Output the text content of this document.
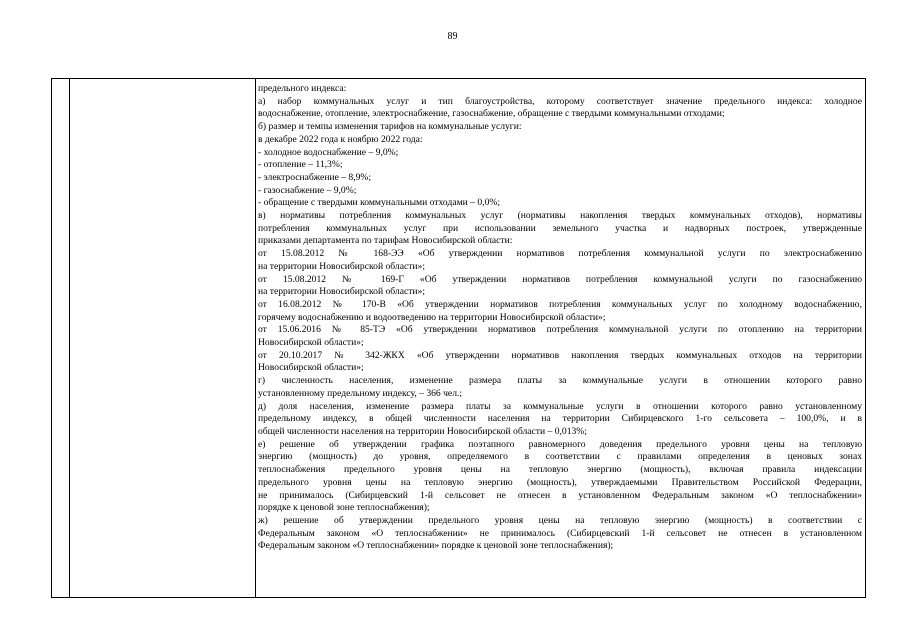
89
предельного индекса:
а) набор коммунальных услуг и тип благоустройства, которому соответствует значение предельного индекса: холодное
водоснабжение, отопление, электроснабжение, газоснабжение, обращение с твердыми коммунальными отходами;
б) размер и темпы изменения тарифов на коммунальные услуги:
в декабре 2022 года к ноябрю 2022 года:
- холодное водоснабжение – 9,0%;
- отопление – 11,3%;
- электроснабжение – 8,9%;
- газоснабжение – 9,0%;
- обращение с твердыми коммунальными отходами – 0,0%;
в) нормативы потребления коммунальных услуг (нормативы накопления твердых коммунальных отходов), нормативы
потребления коммунальных услуг при использовании земельного участка и надворных построек, утвержденные
приказами департамента по тарифам Новосибирской области:
от 15.08.2012 № 168-ЭЭ «Об утверждении нормативов потребления коммунальной услуги по электроснабжению
на территории Новосибирской области»;
от 15.08.2012 № 169-Г «Об утверждении нормативов потребления коммунальной услуги по газоснабжению
на территории Новосибирской области»;
от 16.08.2012 № 170-В «Об утверждении нормативов потребления коммунальных услуг по холодному водоснабжению,
горячему водоснабжению и водоотведению на территории Новосибирской области»;
от 15.06.2016 № 85-ТЭ «Об утверждении нормативов потребления коммунальной услуги по отоплению на территории
Новосибирской области»;
от 20.10.2017 № 342-ЖКХ «Об утверждении нормативов накопления твердых коммунальных отходов на территории
Новосибирской области»;
г) численность населения, изменение размера платы за коммунальные услуги в отношении которого равно
установленному предельному индексу, – 366 чел.;
д) доля населения, изменение размера платы за коммунальные услуги в отношении которого равно установленному
предельному индексу, в общей численности населения на территории Сибирцевского 1-го сельсовета – 100,0%, и в
общей численности населения на территории Новосибирской области – 0,013%;
е) решение об утверждении графика поэтапного равномерного доведения предельного уровня цены на тепловую
энергию (мощность) до уровня, определяемого в соответствии с правилами определения в ценовых зонах
теплоснабжения предельного уровня цены на тепловую энергию (мощность), включая правила индексации
предельного уровня цены на тепловую энергию (мощность), утверждаемыми Правительством Российской Федерации,
не принималось (Сибирцевский 1-й сельсовет не отнесен в установленном Федеральным законом «О теплоснабжении»
порядке к ценовой зоне теплоснабжения);
ж) решение об утверждении предельного уровня цены на тепловую энергию (мощность) в соответствии с
Федеральным законом «О теплоснабжении» не принималось (Сибирцевский 1-й сельсовет не отнесен в установленном
Федеральным законом «О теплоснабжении» порядке к ценовой зоне теплоснабжения);
